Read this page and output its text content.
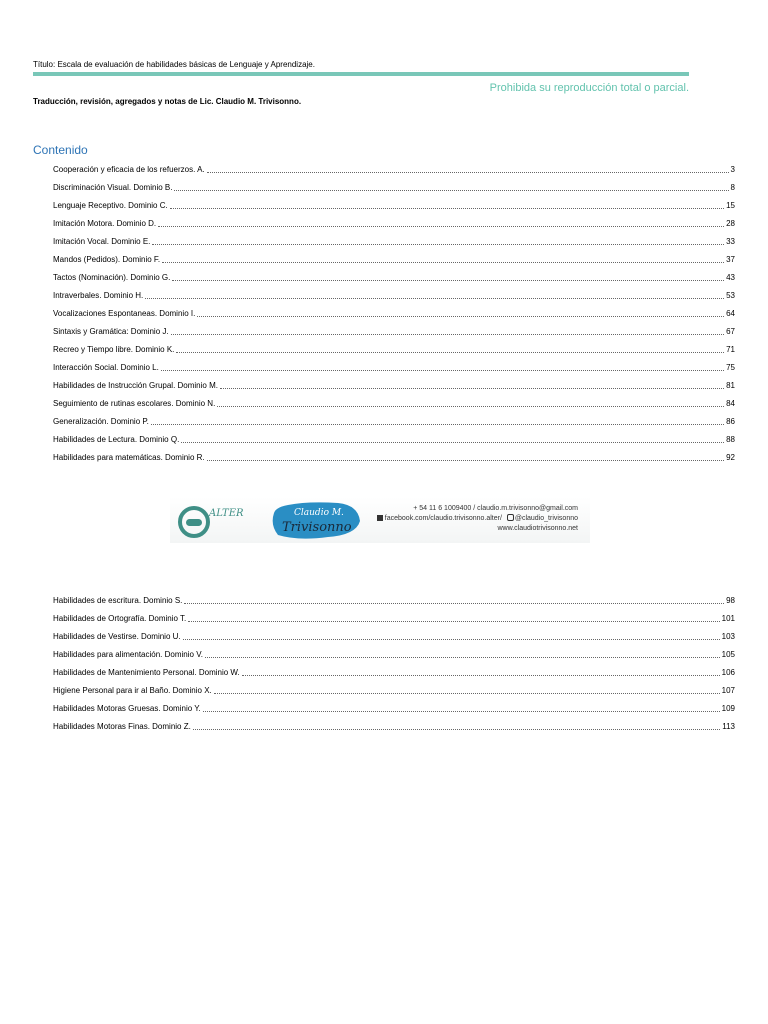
Título: Escala de evaluación de habilidades básicas de Lenguaje y Aprendizaje.
Prohibida su reproducción total o parcial.
Traducción, revisión, agregados y notas de Lic. Claudio M. Trivisonno.
Contenido
Cooperación y eficacia de los refuerzos. A.	3
Discriminación Visual. Dominio B.	8
Lenguaje Receptivo. Dominio C.	15
Imitación Motora. Dominio D.	28
Imitación Vocal. Dominio E.	33
Mandos (Pedidos). Dominio F.	37
Tactos (Nominación). Dominio G.	43
Intraverbales. Dominio H.	53
Vocalizaciones Espontaneas. Dominio I.	64
Sintaxis y Gramática: Dominio J.	67
Recreo y Tiempo libre. Dominio K.	71
Interacción Social. Dominio L.	75
Habilidades de Instrucción Grupal. Dominio M.	81
Seguimiento de rutinas escolares. Dominio N.	84
Generalización. Dominio P.	86
Habilidades de Lectura. Dominio Q.	88
Habilidades para matemáticas. Dominio R.	92
ALTER	Claudio M.
Trivisonno
+ 54 11 6 1009400 / claudio.m.trivisonno@gmail.com
facebook.com/claudio.trivisonno.alter/ @claudio_trivisonno
www.claudiotrivisonno.net
Habilidades de escritura. Dominio S.	98
Habilidades de Ortografía. Dominio T.	101
Habilidades de Vestirse. Dominio U.	103
Habilidades para alimentación. Dominio V.	105
Habilidades de Mantenimiento Personal. Dominio W.	106
Higiene Personal para ir al Baño. Dominio X.	107
Habilidades Motoras Gruesas. Dominio Y.	109
Habilidades Motoras Finas. Dominio Z.	113
